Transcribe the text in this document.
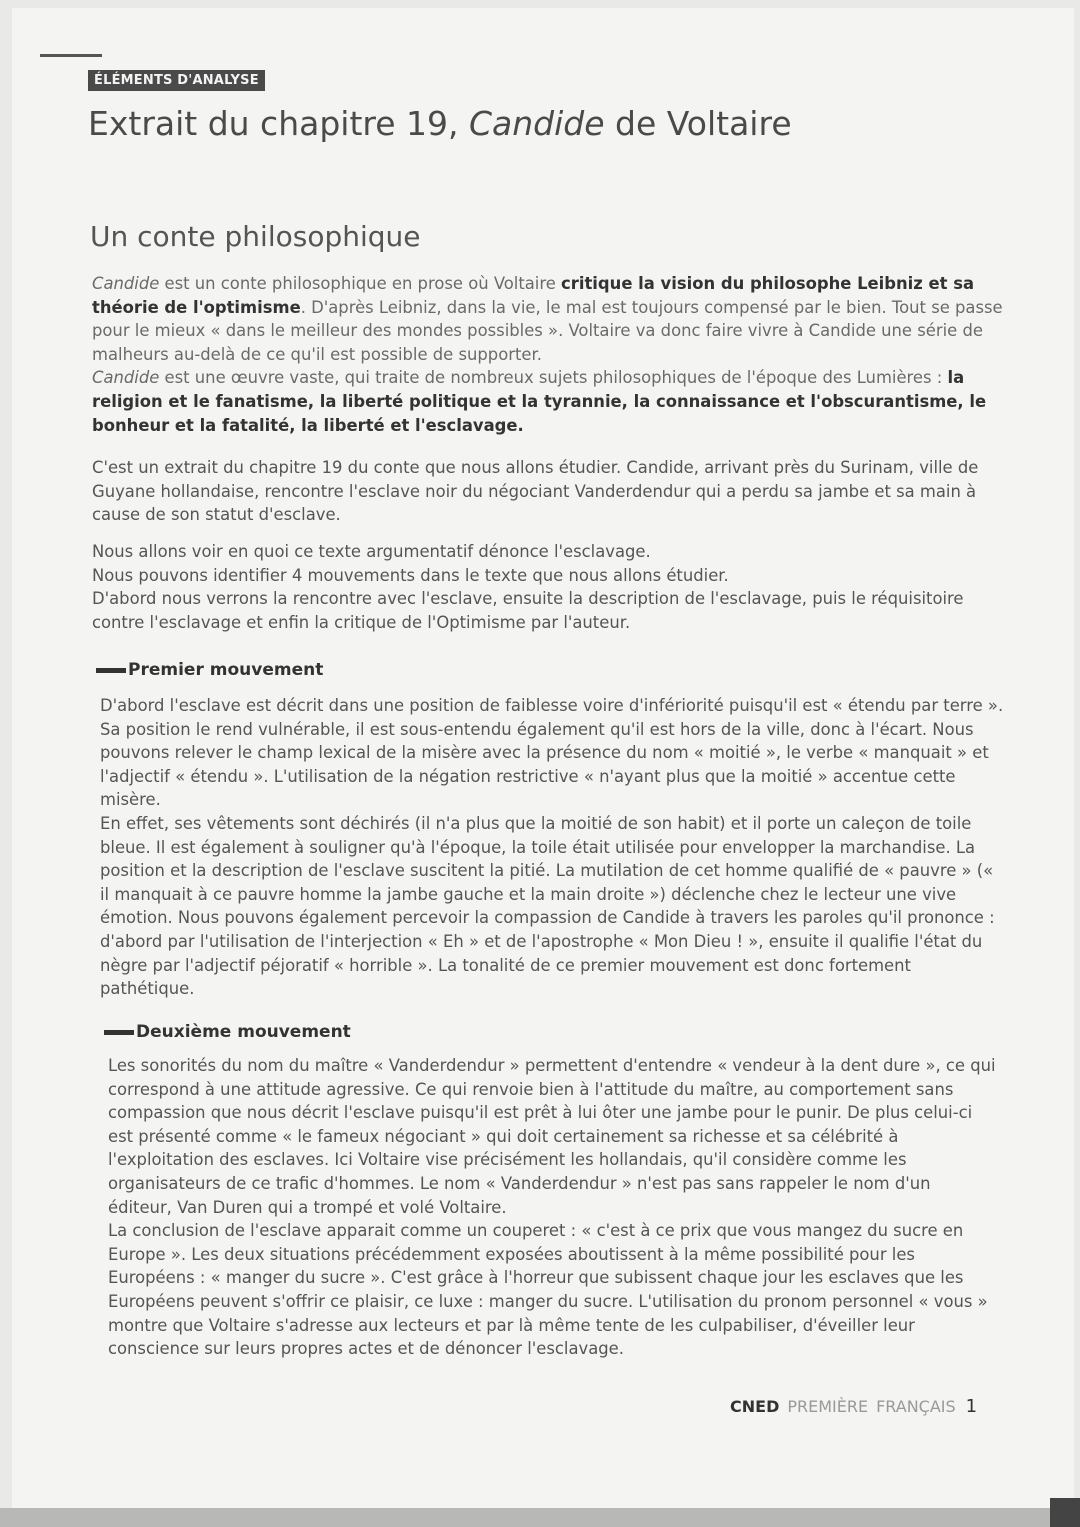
ÉLÉMENTS D'ANALYSE
Extrait du chapitre 19, Candide de Voltaire
Un conte philosophique

Candide est un conte philosophique en prose où Voltaire critique la vision du philosophe Leibniz et sa théorie de l'optimisme. D'après Leibniz, dans la vie, le mal est toujours compensé par le bien. Tout se passe pour le mieux « dans le meilleur des mondes possibles ». Voltaire va donc faire vivre à Candide une série de malheurs au-delà de ce qu'il est possible de supporter.

Candide est une œuvre vaste, qui traite de nombreux sujets philosophiques de l'époque des Lumières : la religion et le fanatisme, la liberté politique et la tyrannie, la connaissance et l'obscurantisme, le bonheur et la fatalité, la liberté et l'esclavage.

C'est un extrait du chapitre 19 du conte que nous allons étudier. Candide, arrivant près du Surinam, ville de Guyane hollandaise, rencontre l'esclave noir du négociant Vanderdendur qui a perdu sa jambe et sa main à cause de son statut d'esclave.

Nous allons voir en quoi ce texte argumentatif dénonce l'esclavage.

Nous pouvons identifier 4 mouvements dans le texte que nous allons étudier.

D'abord nous verrons la rencontre avec l'esclave, ensuite la description de l'esclavage, puis le réquisitoire contre l'esclavage et enfin la critique de l'Optimisme par l'auteur.

Premier mouvement

D'abord l'esclave est décrit dans une position de faiblesse voire d'infériorité puisqu'il est « étendu par terre ». Sa position le rend vulnérable, il est sous-entendu également qu'il est hors de la ville, donc à l'écart. Nous pouvons relever le champ lexical de la misère avec la présence du nom « moitié », le verbe « manquait » et l'adjectif « étendu ». L'utilisation de la négation restrictive « n'ayant plus que la moitié » accentue cette misère.

En effet, ses vêtements sont déchirés (il n'a plus que la moitié de son habit) et il porte un caleçon de toile bleue. Il est également à souligner qu'à l'époque, la toile était utilisée pour envelopper la marchandise. La position et la description de l'esclave suscitent la pitié. La mutilation de cet homme qualifié de « pauvre » (« il manquait à ce pauvre homme la jambe gauche et la main droite ») déclenche chez le lecteur une vive émotion. Nous pouvons également percevoir la compassion de Candide à travers les paroles qu'il prononce : d'abord par l'utilisation de l'interjection « Eh » et de l'apostrophe « Mon Dieu ! », ensuite il qualifie l'état du nègre par l'adjectif péjoratif « horrible ». La tonalité de ce premier mouvement est donc fortement pathétique.

Deuxième mouvement

Les sonorités du nom du maître « Vanderdendur » permettent d'entendre « vendeur à la dent dure », ce qui correspond à une attitude agressive. Ce qui renvoie bien à l'attitude du maître, au comportement sans compassion que nous décrit l'esclave puisqu'il est prêt à lui ôter une jambe pour le punir. De plus celui-ci est présenté comme « le fameux négociant » qui doit certainement sa richesse et sa célébrité à l'exploitation des esclaves. Ici Voltaire vise précisément les hollandais, qu'il considère comme les organisateurs de ce trafic d'hommes. Le nom « Vanderdendur » n'est pas sans rappeler le nom d'un éditeur, Van Duren qui a trompé et volé Voltaire.

La conclusion de l'esclave apparait comme un couperet : « c'est à ce prix que vous mangez du sucre en Europe ». Les deux situations précédemment exposées aboutissent à la même possibilité pour les Européens : « manger du sucre ». C'est grâce à l'horreur que subissent chaque jour les esclaves que les Européens peuvent s'offrir ce plaisir, ce luxe : manger du sucre. L'utilisation du pronom personnel « vous » montre que Voltaire s'adresse aux lecteurs et par là même tente de les culpabiliser, d'éveiller leur conscience sur leurs propres actes et de dénoncer l'esclavage.

CNED PREMIÈRE FRANÇAIS 1
